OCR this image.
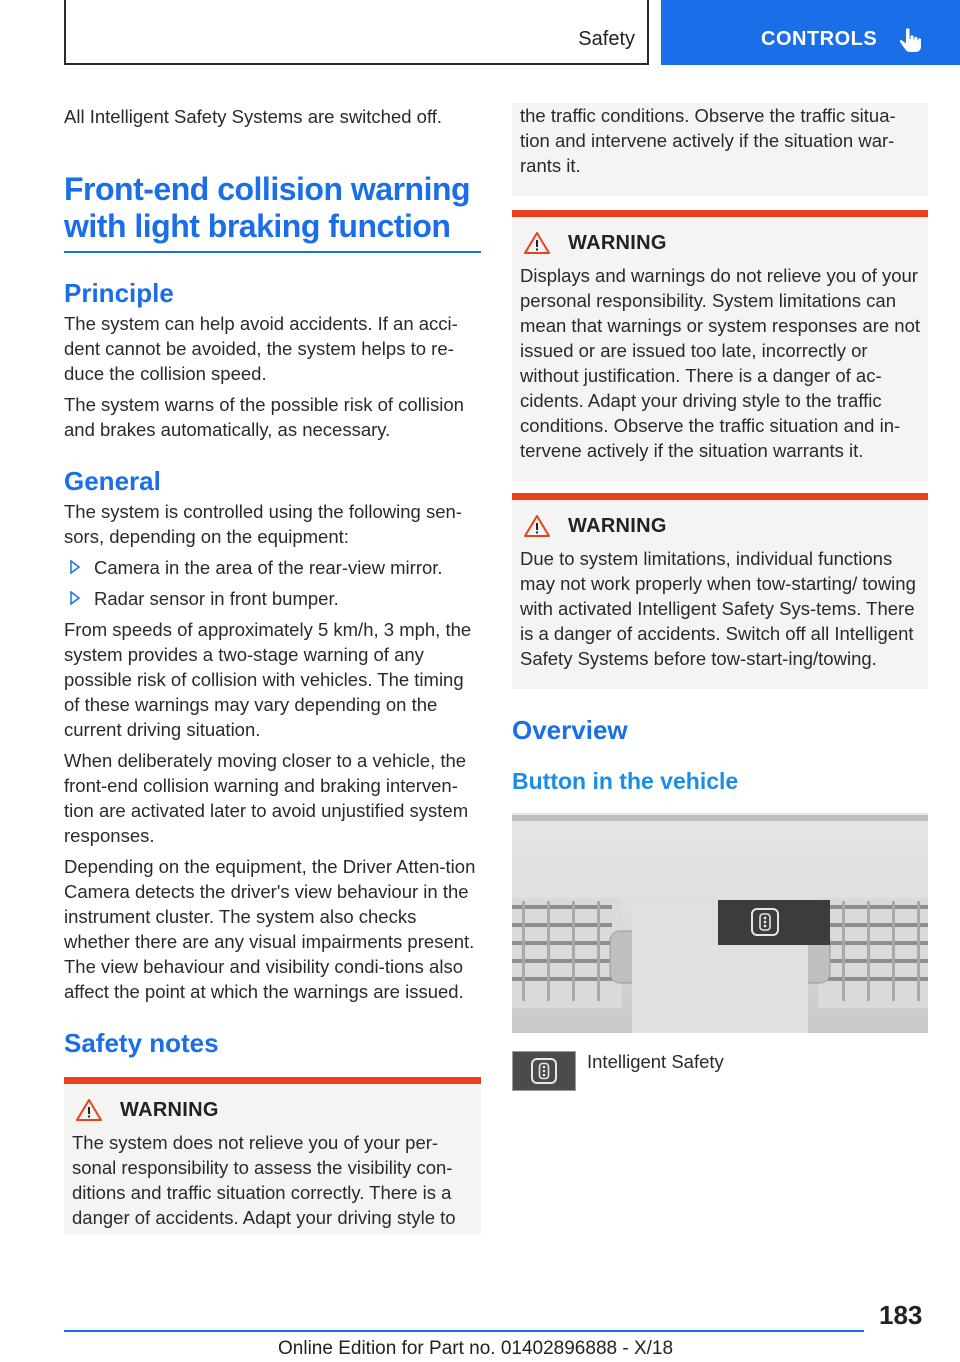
Safety	CONTROLS

All Intelligent Safety Systems are switched off.

Front-end collision warning
with light braking function
Principle

The system can help avoid accidents. If an acci-dent cannot be avoided, the system helps to re-duce the collision speed.

The system warns of the possible risk of collision and brakes automatically, as necessary.

General

The system is controlled using the following sen-sors, depending on the equipment:

Camera in the area of the rear-view mirror.
Radar sensor in front bumper.

From speeds of approximately 5 km/h, 3 mph, the system provides a two-stage warning of any possible risk of collision with vehicles. The timing of these warnings may vary depending on the current driving situation.

When deliberately moving closer to a vehicle, the front-end collision warning and braking interven-tion are activated later to avoid unjustified system responses.

Depending on the equipment, the Driver Atten-tion Camera detects the driver's view behaviour in the instrument cluster. The system also checks whether there are any visual impairments present. The view behaviour and visibility condi-tions also affect the point at which the warnings are issued.

Safety notes
WARNING
The system does not relieve you of your per-sonal responsibility to assess the visibility con-ditions and traffic situation correctly. There is a danger of accidents. Adapt your driving style to
the traffic conditions. Observe the traffic situa-tion and intervene actively if the situation war-rants it.
WARNING
Displays and warnings do not relieve you of your personal responsibility. System limitations can mean that warnings or system responses are not issued or are issued too late, incorrectly or without justification. There is a danger of ac-cidents. Adapt your driving style to the traffic conditions. Observe the traffic situation and in-tervene actively if the situation warrants it.
WARNING
Due to system limitations, individual functions may not work properly when tow-starting/ towing with activated Intelligent Safety Sys-tems. There is a danger of accidents. Switch off all Intelligent Safety Systems before tow-start-ing/towing.
Overview
Button in the vehicle
Intelligent Safety
183
Online Edition for Part no. 01402896888 - X/18
